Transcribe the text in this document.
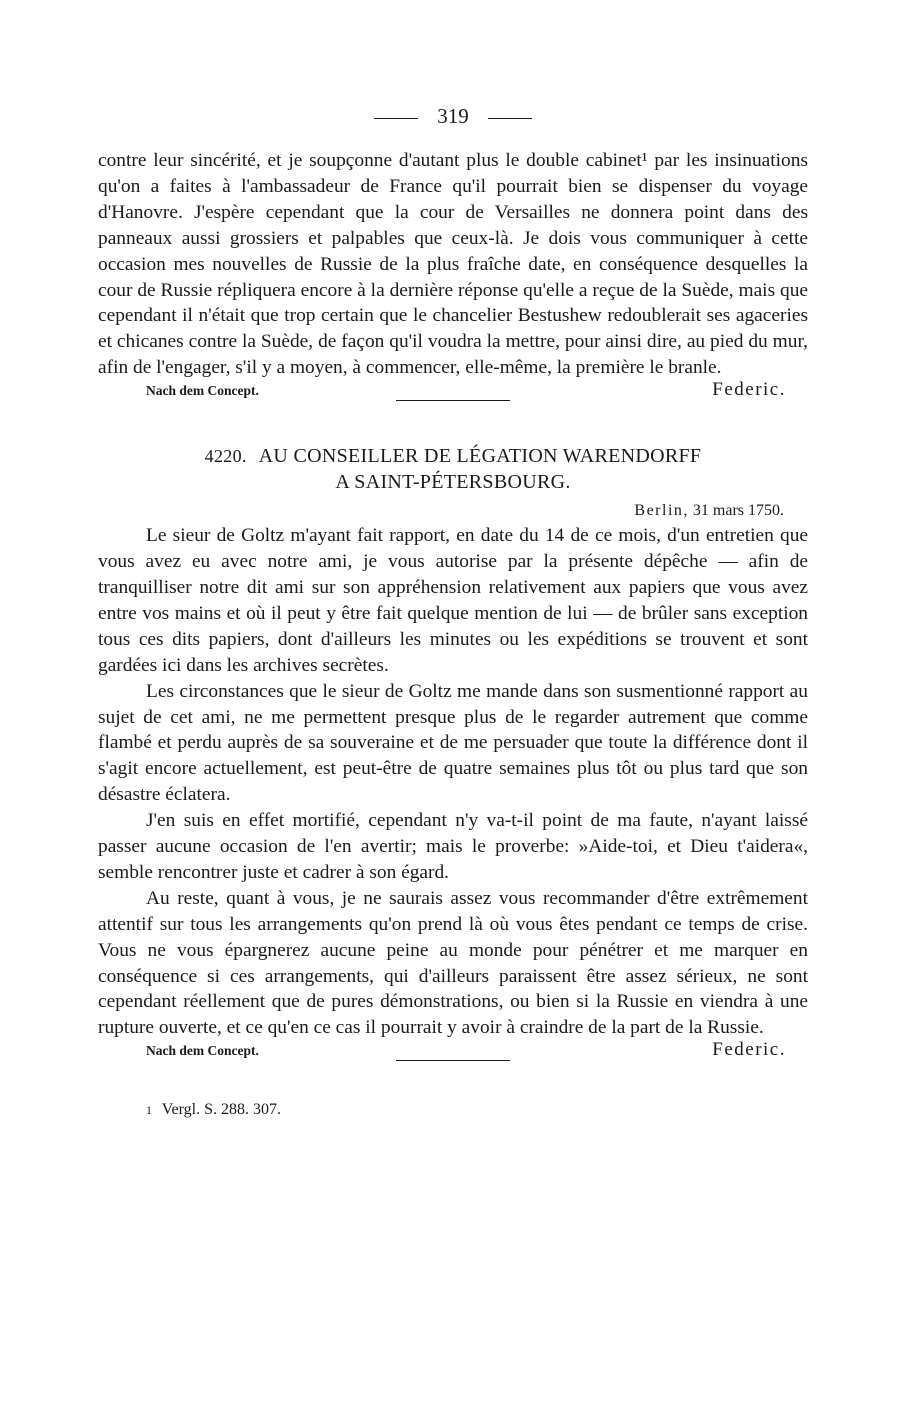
319

contre leur sincérité, et je soupçonne d'autant plus le double cabinet¹ par les insinuations qu'on a faites à l'ambassadeur de France qu'il pourrait bien se dispenser du voyage d'Hanovre. J'espère cependant que la cour de Versailles ne donnera point dans des panneaux aussi grossiers et palpables que ceux-là. Je dois vous communiquer à cette occasion mes nouvelles de Russie de la plus fraîche date, en conséquence desquelles la cour de Russie répliquera encore à la dernière réponse qu'elle a reçue de la Suède, mais que cependant il n'était que trop certain que le chancelier Bestushew redoublerait ses agaceries et chicanes contre la Suède, de façon qu'il voudra la mettre, pour ainsi dire, au pied du mur, afin de l'engager, s'il y a moyen, à commencer, elle-même, la première le branle.

Nach dem Concept.	Federic.
4220. AU CONSEILLER DE LÉGATION WARENDORFF
A SAINT-PÉTERSBOURG.
Berlin, 31 mars 1750.

Le sieur de Goltz m'ayant fait rapport, en date du 14 de ce mois, d'un entretien que vous avez eu avec notre ami, je vous autorise par la présente dépêche — afin de tranquilliser notre dit ami sur son appréhension relativement aux papiers que vous avez entre vos mains et où il peut y être fait quelque mention de lui — de brûler sans exception tous ces dits papiers, dont d'ailleurs les minutes ou les expéditions se trouvent et sont gardées ici dans les archives secrètes.

Les circonstances que le sieur de Goltz me mande dans son susmentionné rapport au sujet de cet ami, ne me permettent presque plus de le regarder autrement que comme flambé et perdu auprès de sa souveraine et de me persuader que toute la différence dont il s'agit encore actuellement, est peut-être de quatre semaines plus tôt ou plus tard que son désastre éclatera.

J'en suis en effet mortifié, cependant n'y va-t-il point de ma faute, n'ayant laissé passer aucune occasion de l'en avertir; mais le proverbe: »Aide-toi, et Dieu t'aidera«, semble rencontrer juste et cadrer à son égard.

Au reste, quant à vous, je ne saurais assez vous recommander d'être extrêmement attentif sur tous les arrangements qu'on prend là où vous êtes pendant ce temps de crise. Vous ne vous épargnerez aucune peine au monde pour pénétrer et me marquer en conséquence si ces arrangements, qui d'ailleurs paraissent être assez sérieux, ne sont cependant réellement que de pures démonstrations, ou bien si la Russie en viendra à une rupture ouverte, et ce qu'en ce cas il pourrait y avoir à craindre de la part de la Russie.

Nach dem Concept.	Federic.
1 Vergl. S. 288. 307.
